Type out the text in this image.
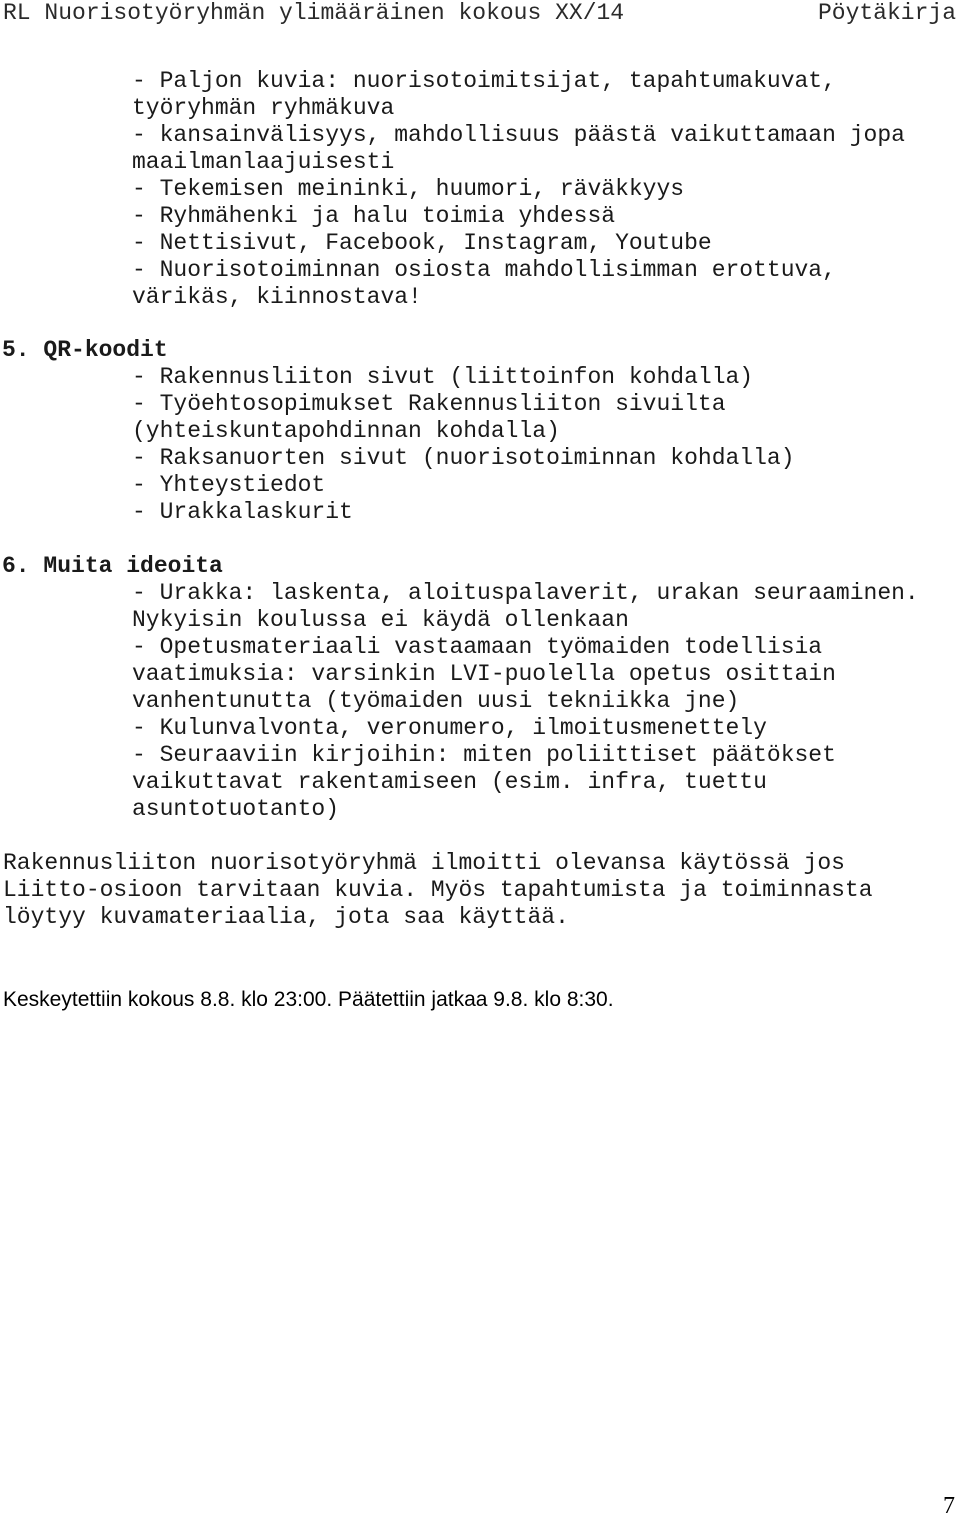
RL Nuorisotyöryhmän ylimääräinen kokous XX/14

	Pöytäkirja

- Paljon kuvia: nuorisotoimitsijat, tapahtumakuvat,
työryhmän ryhmäkuva
- kansainvälisyys, mahdollisuus päästä vaikuttamaan jopa
maailmanlaajuisesti
- Tekemisen meininki, huumori, räväkkyys
- Ryhmähenki ja halu toimia yhdessä
- Nettisivut, Facebook, Instagram, Youtube
- Nuorisotoiminnan osiosta mahdollisimman erottuva,
värikäs, kiinnostava!
5. QR-koodit
- Rakennusliiton sivut (liittoinfon kohdalla)
- Työehtosopimukset Rakennusliiton sivuilta
(yhteiskuntapohdinnan kohdalla)
- Raksanuorten sivut (nuorisotoiminnan kohdalla)
- Yhteystiedot
- Urakkalaskurit
6. Muita ideoita
- Urakka: laskenta, aloituspalaverit, urakan seuraaminen.
Nykyisin koulussa ei käydä ollenkaan
- Opetusmateriaali vastaamaan työmaiden todellisia
vaatimuksia: varsinkin LVI-puolella opetus osittain
vanhentunutta (työmaiden uusi tekniikka jne)
- Kulunvalvonta, veronumero, ilmoitusmenettely
- Seuraaviin kirjoihin: miten poliittiset päätökset
vaikuttavat rakentamiseen (esim. infra, tuettu
asuntotuotanto)
Rakennusliiton nuorisotyöryhmä ilmoitti olevansa käytössä jos
Liitto-osioon tarvitaan kuvia. Myös tapahtumista ja toiminnasta
löytyy kuvamateriaalia, jota saa käyttää.
Keskeytettiin kokous 8.8. klo 23:00. Päätettiin jatkaa 9.8. klo 8:30.
7
